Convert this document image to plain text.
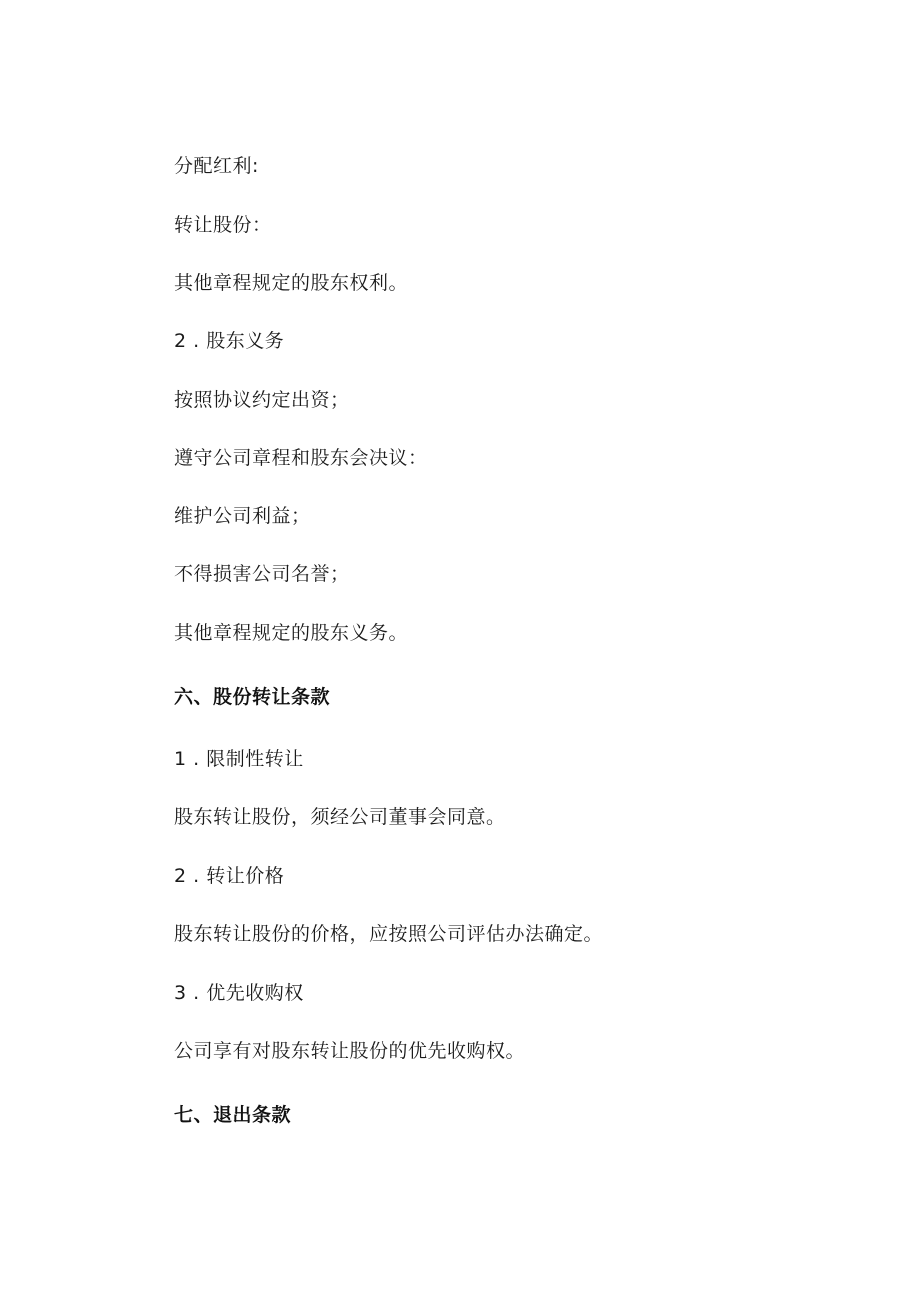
分配红利:

转让股份：

其他章程规定的股东权利。

2 . 股东义务

按照协议约定出资；

遵守公司章程和股东会决议：

维护公司利益；

不得损害公司名誉；

其他章程规定的股东义务。

六、股份转让条款

1 . 限制性转让

股东转让股份，须经公司董事会同意。

2 . 转让价格

股东转让股份的价格，应按照公司评估办法确定。

3 . 优先收购权

公司享有对股东转让股份的优先收购权。

七、退出条款
